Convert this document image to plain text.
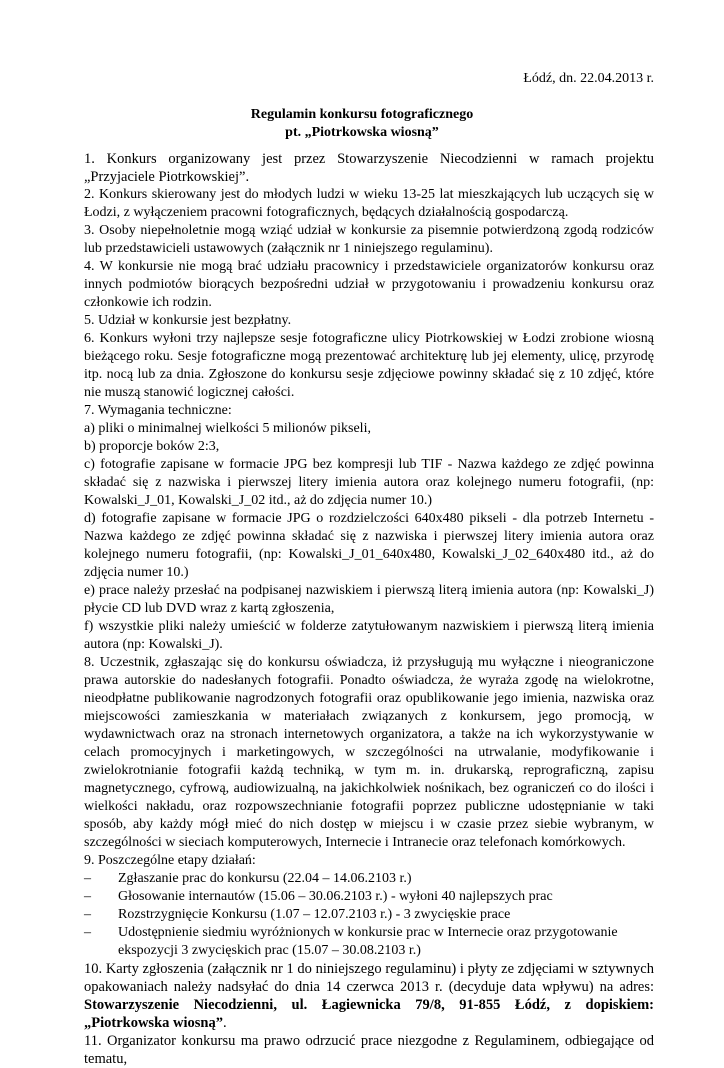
Łódź, dn. 22.04.2013 r.
Regulamin konkursu fotograficznego
pt. „Piotrkowska wiosną”

1. Konkurs organizowany jest przez Stowarzyszenie Niecodzienni w ramach projektu „Przyjaciele Piotrkowskiej”.

2. Konkurs skierowany jest do młodych ludzi w wieku 13-25 lat mieszkających lub uczących się w Łodzi, z wyłączeniem pracowni fotograficznych, będących działalnością gospodarczą.

3. Osoby niepełnoletnie mogą wziąć udział w konkursie za pisemnie potwierdzoną zgodą rodziców lub przedstawicieli ustawowych (załącznik nr 1 niniejszego regulaminu).

4. W konkursie nie mogą brać udziału pracownicy i przedstawiciele organizatorów konkursu oraz innych podmiotów biorących bezpośredni udział w przygotowaniu i prowadzeniu konkursu oraz członkowie ich rodzin.

5. Udział w konkursie jest bezpłatny.

6. Konkurs wyłoni trzy najlepsze sesje fotograficzne ulicy Piotrkowskiej w Łodzi zrobione wiosną bieżącego roku. Sesje fotograficzne mogą prezentować architekturę lub jej elementy, ulicę, przyrodę itp. nocą lub za dnia. Zgłoszone do konkursu sesje zdjęciowe powinny składać się z 10 zdjęć, które nie muszą stanowić logicznej całości.

7. Wymagania techniczne:

a) pliki o minimalnej wielkości 5 milionów pikseli,

b) proporcje boków 2:3,

c) fotografie zapisane w formacie JPG bez kompresji lub TIF - Nazwa każdego ze zdjęć powinna składać się z nazwiska i pierwszej litery imienia autora oraz kolejnego numeru fotografii, (np: Kowalski_J_01, Kowalski_J_02 itd., aż do zdjęcia numer 10.)

d) fotografie zapisane w formacie JPG o rozdzielczości 640x480 pikseli - dla potrzeb Internetu - Nazwa każdego ze zdjęć powinna składać się z nazwiska i pierwszej litery imienia autora oraz kolejnego numeru fotografii, (np: Kowalski_J_01_640x480, Kowalski_J_02_640x480 itd., aż do zdjęcia numer 10.)

e) prace należy przesłać na podpisanej nazwiskiem i pierwszą literą imienia autora (np: Kowalski_J) płycie CD lub DVD wraz z kartą zgłoszenia,

f) wszystkie pliki należy umieścić w folderze zatytułowanym nazwiskiem i pierwszą literą imienia autora (np: Kowalski_J).

8. Uczestnik, zgłaszając się do konkursu oświadcza, iż przysługują mu wyłączne i nieograniczone prawa autorskie do nadesłanych fotografii. Ponadto oświadcza, że wyraża zgodę na wielokrotne, nieodpłatne publikowanie nagrodzonych fotografii oraz opublikowanie jego imienia, nazwiska oraz miejscowości zamieszkania w materiałach związanych z konkursem, jego promocją, w wydawnictwach oraz na stronach internetowych organizatora, a także na ich wykorzystywanie w celach promocyjnych i marketingowych, w szczególności na utrwalanie, modyfikowanie i zwielokrotnianie fotografii każdą techniką, w tym m. in. drukarską, reprograficzną, zapisu magnetycznego, cyfrową, audiowizualną, na jakichkolwiek nośnikach, bez ograniczeń co do ilości i wielkości nakładu, oraz rozpowszechnianie fotografii poprzez publiczne udostępnianie w taki sposób, aby każdy mógł mieć do nich dostęp w miejscu i w czasie przez siebie wybranym, w szczególności w sieciach komputerowych, Internecie i Intranecie oraz telefonach komórkowych.

9. Poszczególne etapy działań:

– Zgłaszanie prac do konkursu (22.04 – 14.06.2103 r.)
– Głosowanie internautów (15.06 – 30.06.2103 r.) - wyłoni 40 najlepszych prac
– Rozstrzygnięcie Konkursu (1.07 – 12.07.2103 r.) - 3 zwycięskie prace
– Udostępnienie siedmiu wyróżnionych w konkursie prac w Internecie oraz przygotowanie ekspozycji 3 zwycięskich prac (15.07 – 30.08.2103 r.)

10. Karty zgłoszenia (załącznik nr 1 do niniejszego regulaminu) i płyty ze zdjęciami w sztywnych opakowaniach należy nadsyłać do dnia 14 czerwca 2013 r. (decyduje data wpływu) na adres: Stowarzyszenie Niecodzienni, ul. Łagiewnicka 79/8, 91-855 Łódź, z dopiskiem: „Piotrkowska wiosną”.

11. Organizator konkursu ma prawo odrzucić prace niezgodne z Regulaminem, odbiegające od tematu,
